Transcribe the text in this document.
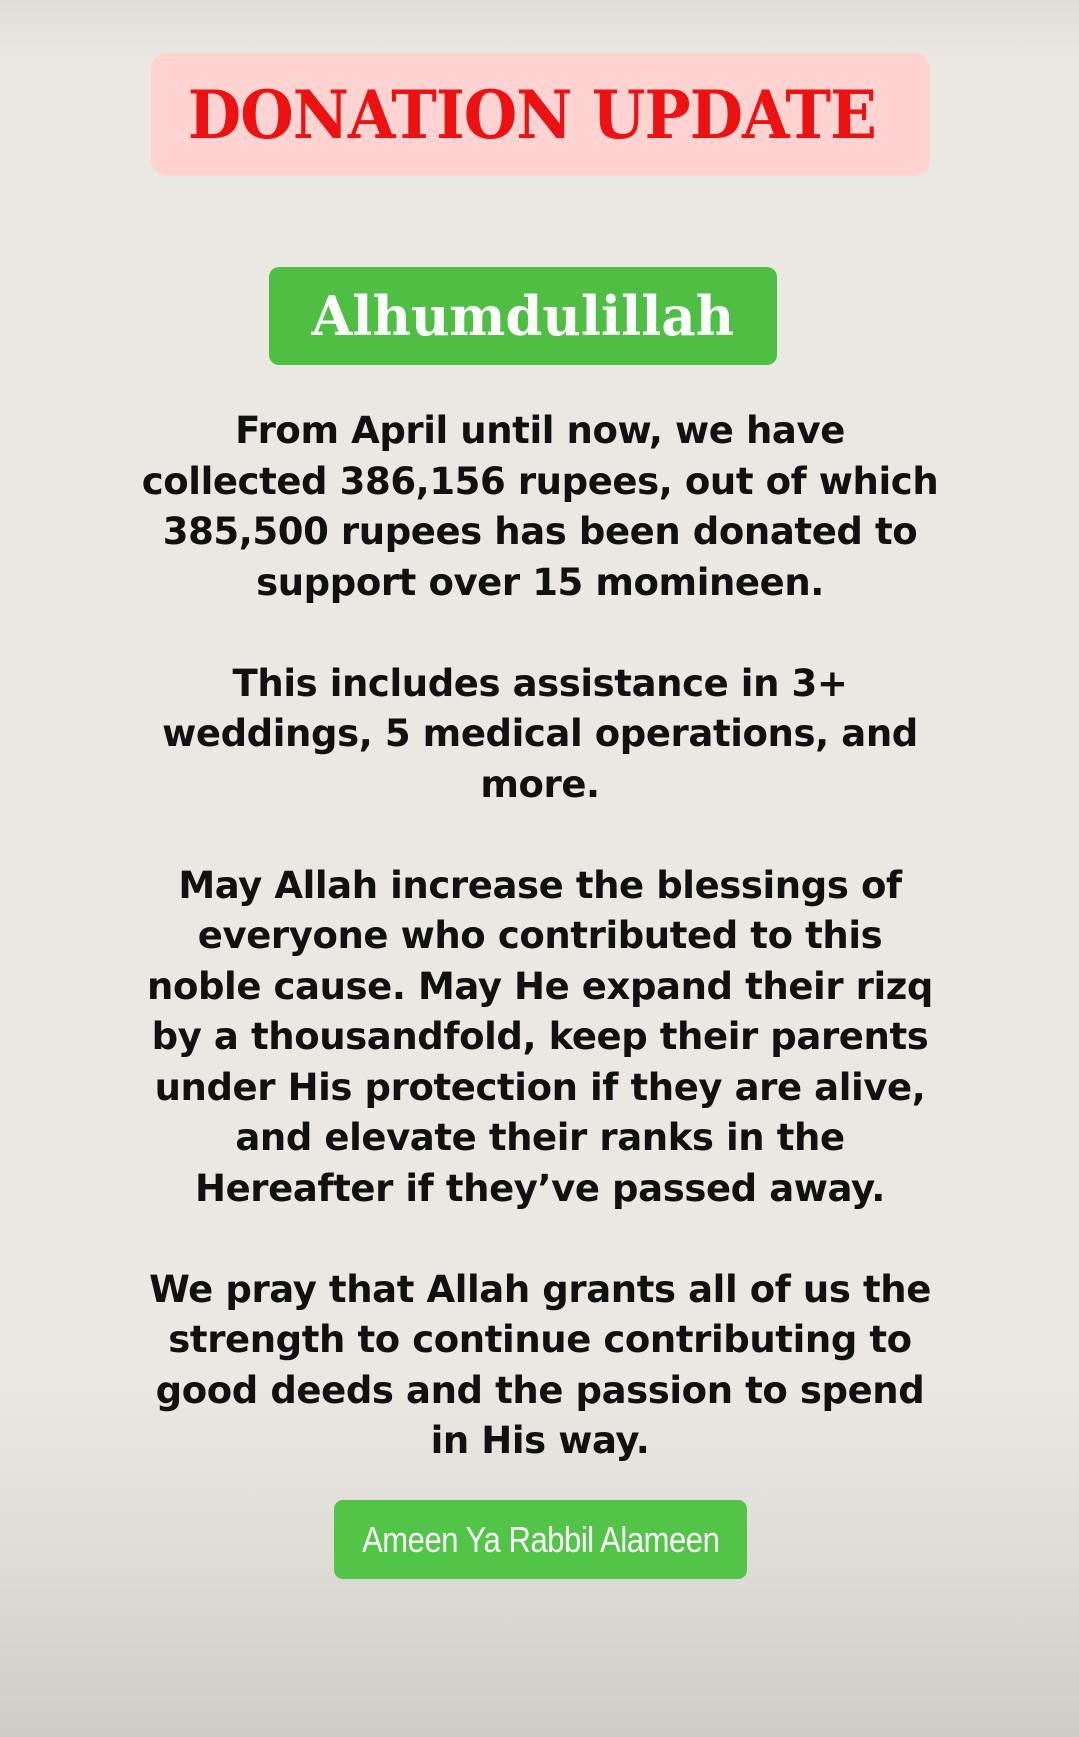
DONATION UPDATE
Alhumdulillah

From April until now, we have
collected 386,156 rupees, out of which
385,500 rupees has been donated to
support over 15 momineen.

This includes assistance in 3+
weddings, 5 medical operations, and
more.

May Allah increase the blessings of
everyone who contributed to this
noble cause. May He expand their rizq
by a thousandfold, keep their parents
under His protection if they are alive,
and elevate their ranks in the
Hereafter if they’ve passed away.

We pray that Allah grants all of us the
strength to continue contributing to
good deeds and the passion to spend
in His way.

Ameen Ya Rabbil Alameen
